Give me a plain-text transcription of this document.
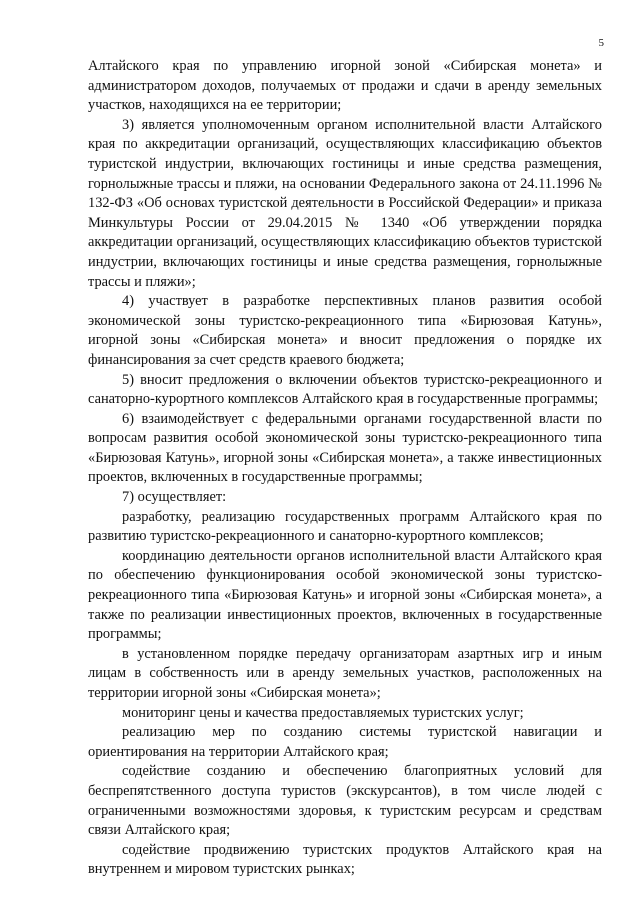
5

Алтайского края по управлению игорной зоной «Сибирская монета» и администратором доходов, получаемых от продажи и сдачи в аренду земельных участков, находящихся на ее территории;

3) является уполномоченным органом исполнительной власти Алтайского края по аккредитации организаций, осуществляющих классификацию объектов туристской индустрии, включающих гостиницы и иные средства размещения, горнолыжные трассы и пляжи, на основании Федерального закона от 24.11.1996 № 132-ФЗ «Об основах туристской деятельности в Российской Федерации» и приказа Минкультуры России от 29.04.2015 № 1340 «Об утверждении порядка аккредитации организаций, осуществляющих классификацию объектов туристской индустрии, включающих гостиницы и иные средства размещения, горнолыжные трассы и пляжи»;

4) участвует в разработке перспективных планов развития особой экономической зоны туристско-рекреационного типа «Бирюзовая Катунь», игорной зоны «Сибирская монета» и вносит предложения о порядке их финансирования за счет средств краевого бюджета;

5) вносит предложения о включении объектов туристско-рекреационного и санаторно-курортного комплексов Алтайского края в государственные программы;

6) взаимодействует с федеральными органами государственной власти по вопросам развития особой экономической зоны туристско-рекреационного типа «Бирюзовая Катунь», игорной зоны «Сибирская монета», а также инвестиционных проектов, включенных в государственные программы;

7) осуществляет:

разработку, реализацию государственных программ Алтайского края по развитию туристско-рекреационного и санаторно-курортного комплексов;

координацию деятельности органов исполнительной власти Алтайского края по обеспечению функционирования особой экономической зоны туристско-рекреационного типа «Бирюзовая Катунь» и игорной зоны «Сибирская монета», а также по реализации инвестиционных проектов, включенных в государственные программы;

в установленном порядке передачу организаторам азартных игр и иным лицам в собственность или в аренду земельных участков, расположенных на территории игорной зоны «Сибирская монета»;

мониторинг цены и качества предоставляемых туристских услуг;

реализацию мер по созданию системы туристской навигации и ориентирования на территории Алтайского края;

содействие созданию и обеспечению благоприятных условий для беспрепятственного доступа туристов (экскурсантов), в том числе людей с ограниченными возможностями здоровья, к туристским ресурсам и средствам связи Алтайского края;

содействие продвижению туристских продуктов Алтайского края на внутреннем и мировом туристских рынках;
